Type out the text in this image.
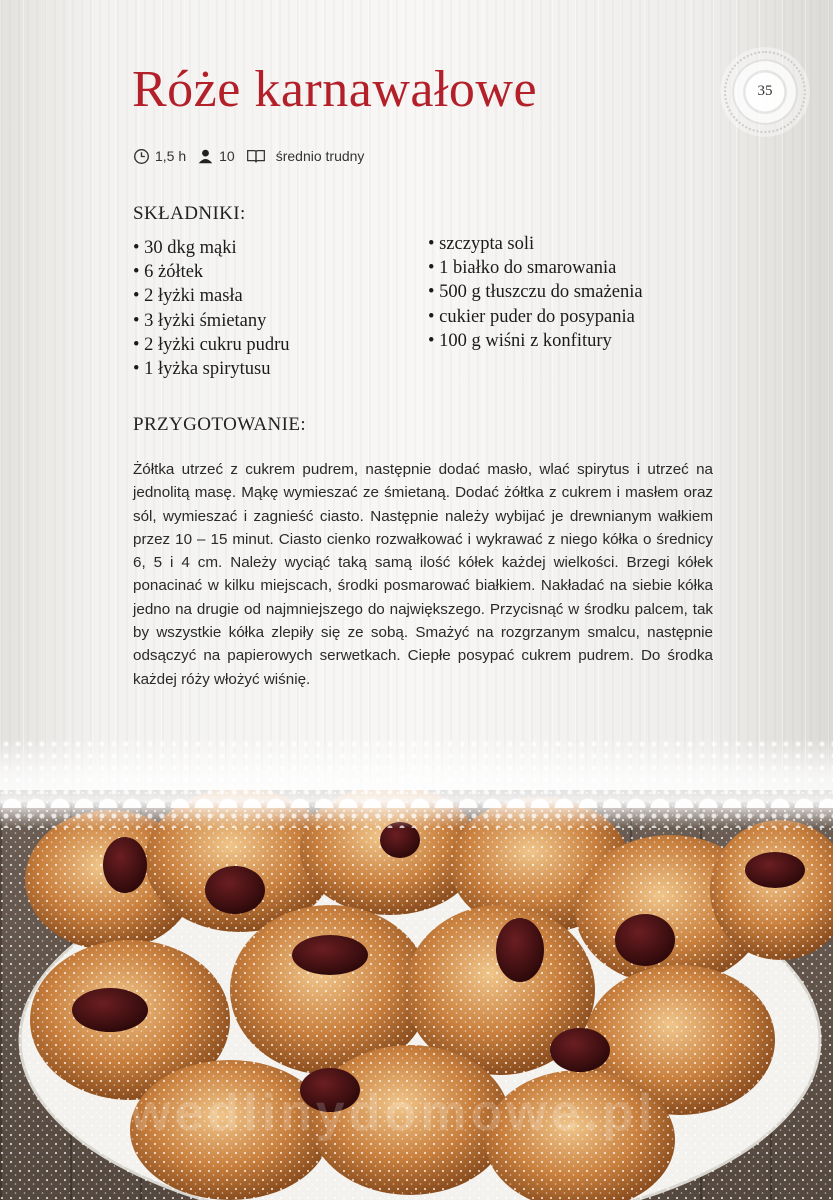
Róże karnawałowe	35
1,5 h 10	średnio trudny
SKŁADNIKI:
• 30 dkg mąki
• 6 żółtek
• 2 łyżki masła
• 3 łyżki śmietany
• 2 łyżki cukru pudru
• 1 łyżka spirytusu
• szczypta soli
• 1 białko do smarowania
• 500 g tłuszczu do smażenia
• cukier puder do posypania
• 100 g wiśni z konfitury
PRZYGOTOWANIE:

Żółtka utrzeć z cukrem pudrem, następnie dodać masło, wlać spirytus i utrzeć na jednolitą masę. Mąkę wymieszać ze śmietaną. Dodać żółtka z cukrem i masłem oraz sól, wymieszać i zagnieść ciasto. Następnie należy wybijać je drewnianym wałkiem przez 10 – 15 minut. Ciasto cienko rozwałkować i wykrawać z niego kółka o średnicy 6, 5 i 4 cm. Należy wyciąć taką samą ilość kółek każdej wielkości. Brzegi kółek ponacinać w kilku miejscach, środki posmarować białkiem. Nakładać na siebie kółka jedno na drugie od najmniejszego do największego. Przycisnąć w środku palcem, tak by wszystkie kółka zlepiły się ze sobą. Smażyć na rozgrzanym smalcu, następnie odsączyć na papierowych serwetkach. Ciepłe posypać cukrem pudrem. Do środka każdej róży włożyć wiśnię.

wedlinydomowe.pl
